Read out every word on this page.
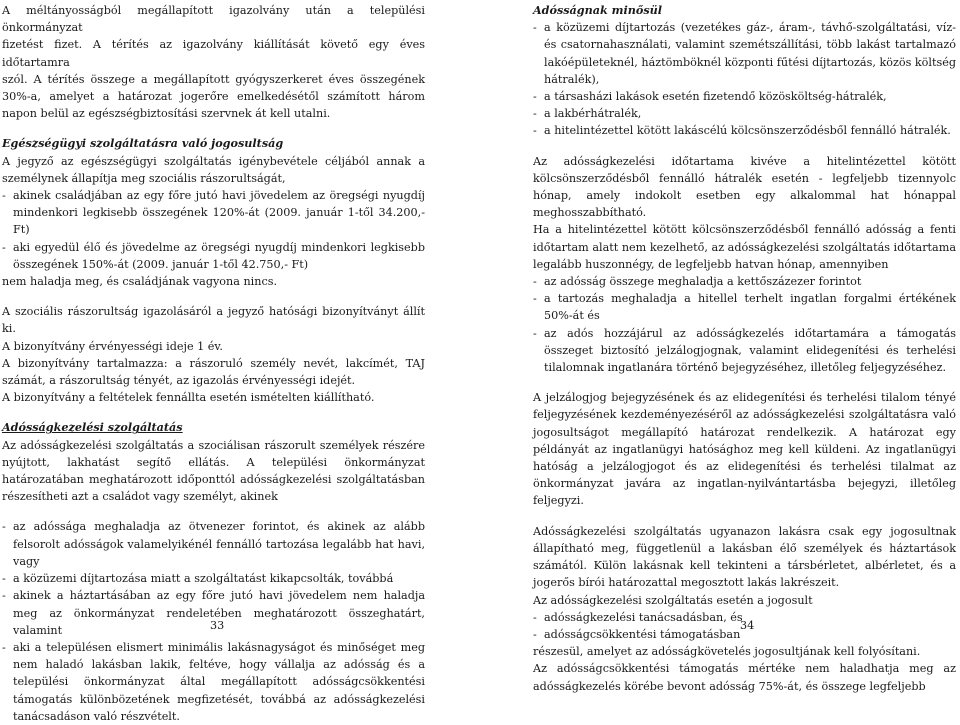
A méltányosságból megállapított igazolvány után a települési önkormányzat

fizetést fizet. A térítés az igazolvány kiállítását követő egy éves időtartamra

szól. A térítés összege a megállapított gyógyszerkeret éves összegének 30%-a, amelyet a határozat jogerőre emelkedésétől számított három napon belül az egészségbiztosítási szervnek át kell utalni.

Egészségügyi szolgáltatásra való jogosultság

A jegyző az egészségügyi szolgáltatás igénybevétele céljából annak a személynek állapítja meg szociális rászorultságát,

- akinek családjában az egy főre jutó havi jövedelem az öregségi nyugdíj mindenkori legkisebb összegének 120%-át (2009. január 1-től 34.200,- Ft)
- aki egyedül élő és jövedelme az öregségi nyugdíj mindenkori legkisebb összegének 150%-át (2009. január 1-től 42.750,- Ft)

nem haladja meg, és családjának vagyona nincs.

A szociális rászorultság igazolásáról a jegyző hatósági bizonyítványt állít ki.

A bizonyítvány érvényességi ideje 1 év.

A bizonyítvány tartalmazza: a rászoruló személy nevét, lakcímét, TAJ számát, a rászorultság tényét, az igazolás érvényességi idejét.

A bizonyítvány a feltételek fennállta esetén ismételten kiállítható.

Adósságkezelési szolgáltatás

Az adósságkezelési szolgáltatás a szociálisan rászorult személyek részére nyújtott, lakhatást segítő ellátás. A települési önkormányzat határozatában meghatározott időponttól adósságkezelési szolgáltatásban részesítheti azt a családot vagy személyt, akinek

- az adóssága meghaladja az ötvenezer forintot, és akinek az alább felsorolt adósságok valamelyikénél fennálló tartozása legalább hat havi, vagy
- a közüzemi díjtartozása miatt a szolgáltatást kikapcsolták, továbbá
- akinek a háztartásában az egy főre jutó havi jövedelem nem haladja meg az önkormányzat rendeletében meghatározott összeghatárt, valamint
- aki a településen elismert minimális lakásnagyságot és minőséget meg nem haladó lakásban lakik, feltéve, hogy vállalja az adósság és a települési önkormányzat által megállapított adósságcsökkentési támogatás különbözetének megfizetését, továbbá az adósságkezelési tanácsadáson való részvételt.
33

Adósságnak minősül

- a közüzemi díjtartozás (vezetékes gáz-, áram-, távhő-szolgáltatási, víz- és csatornahasználati, valamint szemétszállítási, több lakást tartalmazó lakóépületeknél, háztömböknél központi fűtési díjtartozás, közös költség hátralék),
- a társasházi lakások esetén fizetendő közösköltség-hátralék,
- a lakbérhátralék,
- a hitelintézettel kötött lakáscélú kölcsönszerződésből fennálló hátralék.

Az adósságkezelési időtartama kivéve a hitelintézettel kötött kölcsönszerződésből fennálló hátralék esetén - legfeljebb tizennyolc hónap, amely indokolt esetben egy alkalommal hat hónappal meghosszabbítható.

Ha a hitelintézettel kötött kölcsönszerződésből fennálló adósság a fenti időtartam alatt nem kezelhető, az adósságkezelési szolgáltatás időtartama legalább huszonnégy, de legfeljebb hatvan hónap, amennyiben

- az adósság összege meghaladja a kettőszázezer forintot
- a tartozás meghaladja a hitellel terhelt ingatlan forgalmi értékének 50%-át és
- az adós hozzájárul az adósságkezelés időtartamára a támogatás összeget biztosító jelzálogjognak, valamint elidegenítési és terhelési tilalomnak ingatlanára történő bejegyzéséhez, illetőleg feljegyzéséhez.

A jelzálogjog bejegyzésének és az elidegenítési és terhelési tilalom tényé feljegyzésének kezdeményezéséről az adósságkezelési szolgáltatásra való jogosultságot megállapító határozat rendelkezik. A határozat egy példányát az ingatlanügyi hatósághoz meg kell küldeni. Az ingatlanügyi hatóság a jelzálogjogot és az elidegenítési és terhelési tilalmat az önkormányzat javára az ingatlan-nyilvántartásba bejegyzi, illetőleg feljegyzi.

Adósságkezelési szolgáltatás ugyanazon lakásra csak egy jogosultnak állapítható meg, függetlenül a lakásban élő személyek és háztartások számától. Külön lakásnak kell tekinteni a társbérletet, albérletet, és a jogerős bírói határozattal megosztott lakás lakrészeit.

Az adósságkezelési szolgáltatás esetén a jogosult

- adósságkezelési tanácsadásban, és
- adósságcsökkentési támogatásban

részesül, amelyet az adósságkövetelés jogosultjának kell folyósítani.

Az adósságcsökkentési támogatás mértéke nem haladhatja meg az adósságkezelés körébe bevont adósság 75%-át, és összege legfeljebb

34
